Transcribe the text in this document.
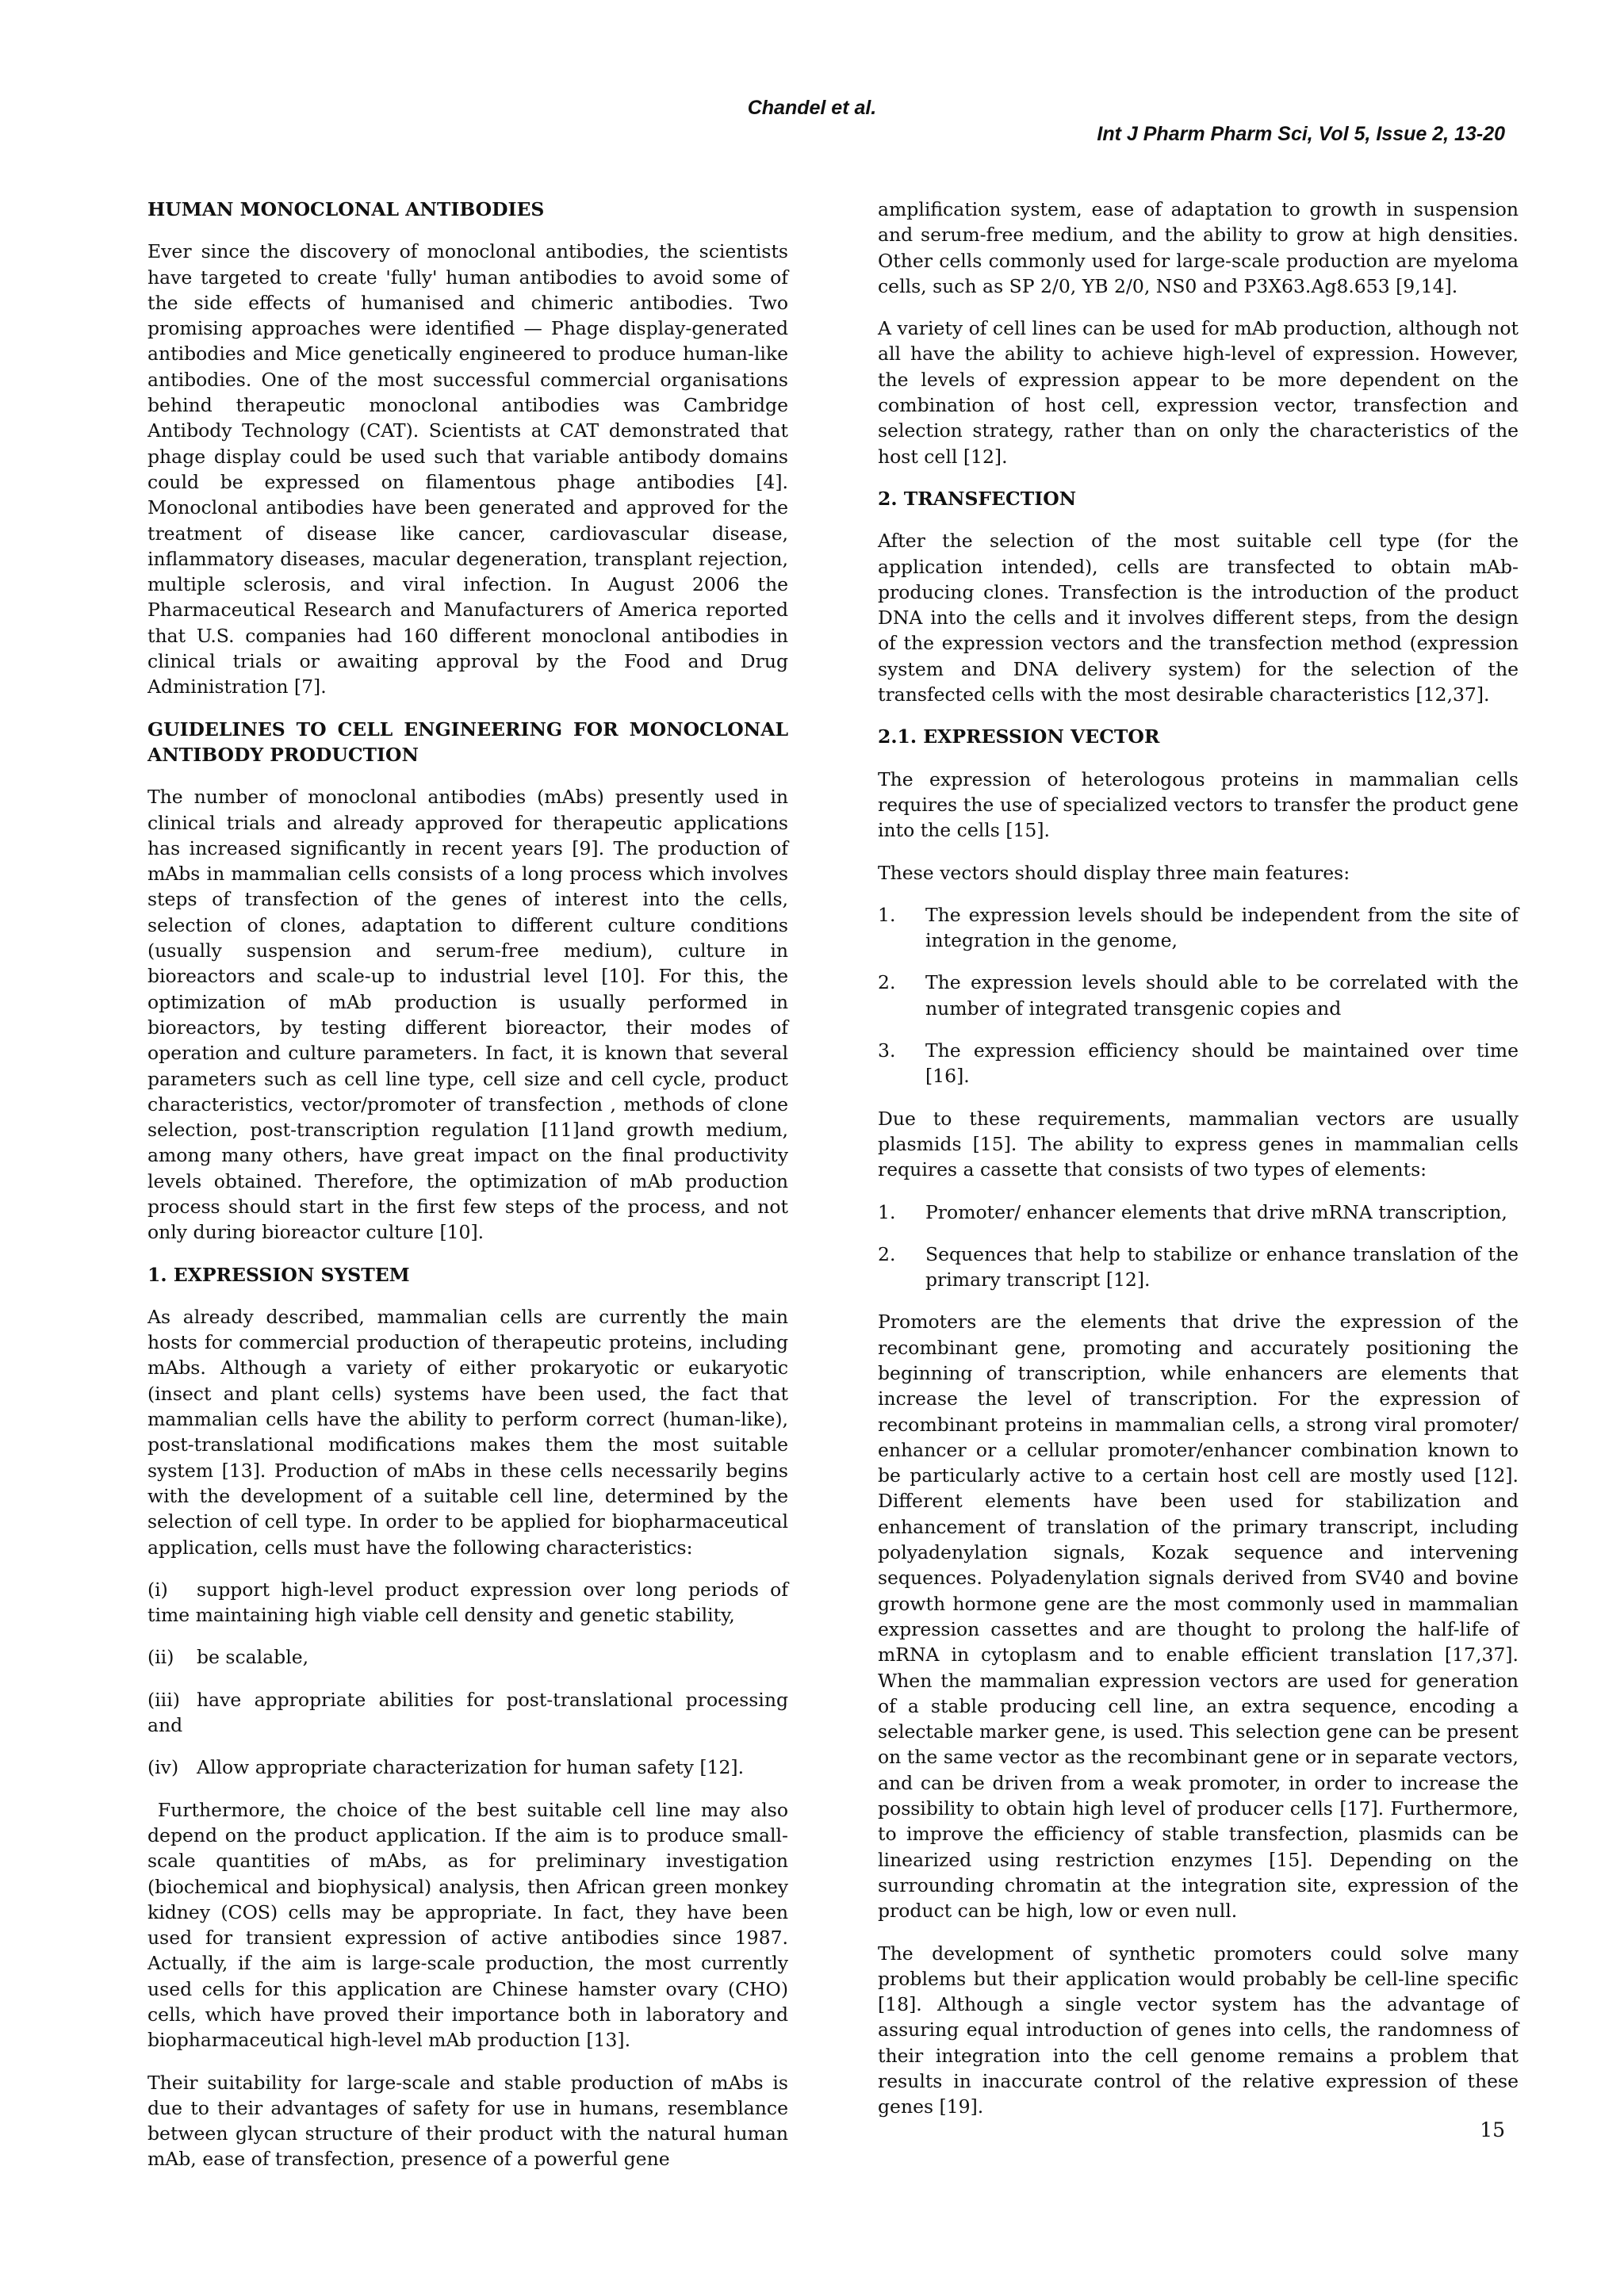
Chandel et al.

Int J Pharm Pharm Sci, Vol 5, Issue 2, 13-20

HUMAN MONOCLONAL ANTIBODIES

Ever since the discovery of monoclonal antibodies, the scientists have targeted to create 'fully' human antibodies to avoid some of the side effects of humanised and chimeric antibodies. Two promising approaches were identified — Phage display-generated antibodies and Mice genetically engineered to produce human-like antibodies. One of the most successful commercial organisations behind therapeutic monoclonal antibodies was Cambridge Antibody Technology (CAT). Scientists at CAT demonstrated that phage display could be used such that variable antibody domains could be expressed on filamentous phage antibodies [4]. Monoclonal antibodies have been generated and approved for the treatment of disease like cancer, cardiovascular disease, inflammatory diseases, macular degeneration, transplant rejection, multiple sclerosis, and viral infection. In August 2006 the Pharmaceutical Research and Manufacturers of America reported that U.S. companies had 160 different monoclonal antibodies in clinical trials or awaiting approval by the Food and Drug Administration [7].

GUIDELINES TO CELL ENGINEERING FOR MONOCLONAL ANTIBODY PRODUCTION

The number of monoclonal antibodies (mAbs) presently used in clinical trials and already approved for therapeutic applications has increased significantly in recent years [9]. The production of mAbs in mammalian cells consists of a long process which involves steps of transfection of the genes of interest into the cells, selection of clones, adaptation to different culture conditions (usually suspension and serum-free medium), culture in bioreactors and scale-up to industrial level [10]. For this, the optimization of mAb production is usually performed in bioreactors, by testing different bioreactor, their modes of operation and culture parameters. In fact, it is known that several parameters such as cell line type, cell size and cell cycle, product characteristics, vector/promoter of transfection , methods of clone selection, post-transcription regulation [11]and growth medium, among many others, have great impact on the final productivity levels obtained. Therefore, the optimization of mAb production process should start in the first few steps of the process, and not only during bioreactor culture [10].

1. EXPRESSION SYSTEM

As already described, mammalian cells are currently the main hosts for commercial production of therapeutic proteins, including mAbs. Although a variety of either prokaryotic or eukaryotic (insect and plant cells) systems have been used, the fact that mammalian cells have the ability to perform correct (human-like), post-translational modifications makes them the most suitable system [13]. Production of mAbs in these cells necessarily begins with the development of a suitable cell line, determined by the selection of cell type. In order to be applied for biopharmaceutical application, cells must have the following characteristics:

(i) support high-level product expression over long periods of time maintaining high viable cell density and genetic stability,

(ii) be scalable,

(iii) have appropriate abilities for post-translational processing and

(iv) Allow appropriate characterization for human safety [12].

Furthermore, the choice of the best suitable cell line may also depend on the product application. If the aim is to produce small-scale quantities of mAbs, as for preliminary investigation (biochemical and biophysical) analysis, then African green monkey kidney (COS) cells may be appropriate. In fact, they have been used for transient expression of active antibodies since 1987. Actually, if the aim is large-scale production, the most currently used cells for this application are Chinese hamster ovary (CHO) cells, which have proved their importance both in laboratory and biopharmaceutical high-level mAb production [13].

Their suitability for large-scale and stable production of mAbs is due to their advantages of safety for use in humans, resemblance between glycan structure of their product with the natural human mAb, ease of transfection, presence of a powerful gene

amplification system, ease of adaptation to growth in suspension and serum-free medium, and the ability to grow at high densities. Other cells commonly used for large-scale production are myeloma cells, such as SP 2/0, YB 2/0, NS0 and P3X63.Ag8.653 [9,14].

A variety of cell lines can be used for mAb production, although not all have the ability to achieve high-level of expression. However, the levels of expression appear to be more dependent on the combination of host cell, expression vector, transfection and selection strategy, rather than on only the characteristics of the host cell [12].

2. TRANSFECTION

After the selection of the most suitable cell type (for the application intended), cells are transfected to obtain mAb-producing clones. Transfection is the introduction of the product DNA into the cells and it involves different steps, from the design of the expression vectors and the transfection method (expression system and DNA delivery system) for the selection of the transfected cells with the most desirable characteristics [12,37].

2.1. EXPRESSION VECTOR

The expression of heterologous proteins in mammalian cells requires the use of specialized vectors to transfer the product gene into the cells [15].

These vectors should display three main features:

1. The expression levels should be independent from the site of integration in the genome,
2. The expression levels should able to be correlated with the number of integrated transgenic copies and
3. The expression efficiency should be maintained over time [16].

Due to these requirements, mammalian vectors are usually plasmids [15]. The ability to express genes in mammalian cells requires a cassette that consists of two types of elements:

1. Promoter/ enhancer elements that drive mRNA transcription,
2. Sequences that help to stabilize or enhance translation of the primary transcript [12].

Promoters are the elements that drive the expression of the recombinant gene, promoting and accurately positioning the beginning of transcription, while enhancers are elements that increase the level of transcription. For the expression of recombinant proteins in mammalian cells, a strong viral promoter/ enhancer or a cellular promoter/enhancer combination known to be particularly active to a certain host cell are mostly used [12]. Different elements have been used for stabilization and enhancement of translation of the primary transcript, including polyadenylation signals, Kozak sequence and intervening sequences. Polyadenylation signals derived from SV40 and bovine growth hormone gene are the most commonly used in mammalian expression cassettes and are thought to prolong the half-life of mRNA in cytoplasm and to enable efficient translation [17,37]. When the mammalian expression vectors are used for generation of a stable producing cell line, an extra sequence, encoding a selectable marker gene, is used. This selection gene can be present on the same vector as the recombinant gene or in separate vectors, and can be driven from a weak promoter, in order to increase the possibility to obtain high level of producer cells [17]. Furthermore, to improve the efficiency of stable transfection, plasmids can be linearized using restriction enzymes [15]. Depending on the surrounding chromatin at the integration site, expression of the product can be high, low or even null.

The development of synthetic promoters could solve many problems but their application would probably be cell-line specific [18]. Although a single vector system has the advantage of assuring equal introduction of genes into cells, the randomness of their integration into the cell genome remains a problem that results in inaccurate control of the relative expression of these genes [19].

15
